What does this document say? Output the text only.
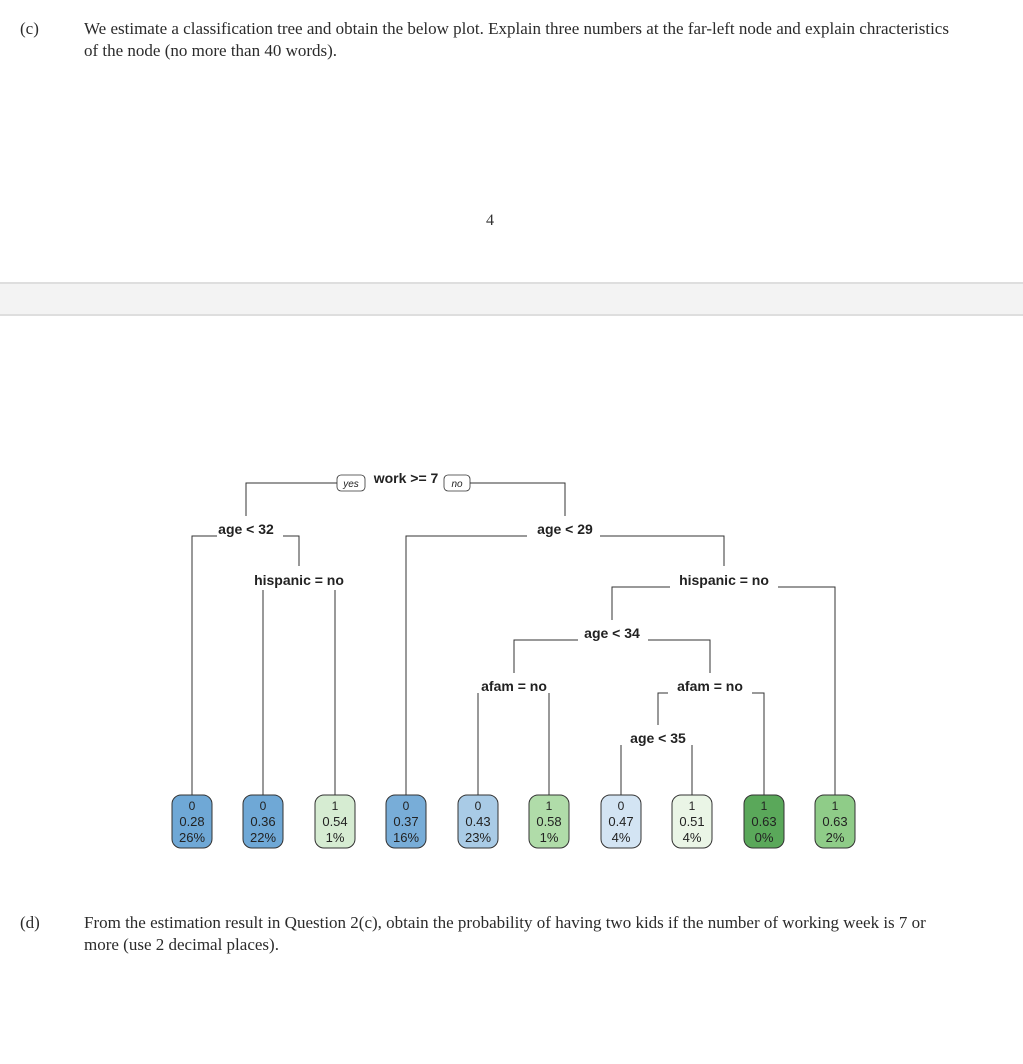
(c)	We estimate a classification tree and obtain the below plot. Explain three numbers at the far-left node and explain chracteristics of the node (no more than 40 words).
4
work >= 7
yes	no
age < 32
hispanic = no
age < 29
hispanic = no
age < 34
afam = no	afam = no
age < 35
0
0.28
26%
0
0.36
22%
1
0.54
1%
0
0.37
16%
0
0.43
23%
1
0.58
1%
0
0.47
4%
1
0.51
4%
1
0.63
0%
1
0.63
2%
(d)	From the estimation result in Question 2(c), obtain the probability of having two kids if the number of working week is 7 or more (use 2 decimal places).
